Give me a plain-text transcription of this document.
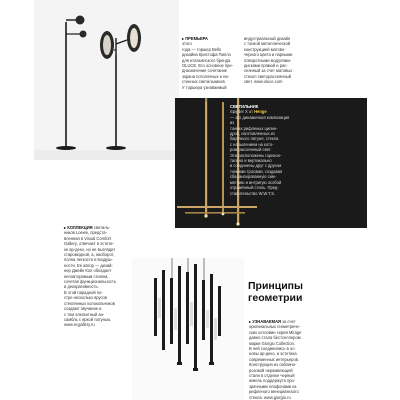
▸ ПРЕМЬЕРА
этого
года — торшер Bello
дизайна Кристофа Пиллэ
для итальянского бренда
OLUCE. Его основное пре-
дназначение сочетание
экрана потолочных и на-
стенных светильников.
У торшера узнаваемый
индустриальный дизайн
с тонкой металлической
конструкцией матово-
черного цвета и парными
поворотными модулями-
дисками прямой и рас-
сеянный за счет матовых
стекол светорассеянный
свет. www.oluce.com
СВЕТИЛЬНИК
Spiyder X от Henge
— это динамичная композиция из
тонких рифленых цилин-
дров, изготовленных из
барочного латуня, стекла
с напылением на кото-
ром рассеянный свет.
Эти расположены горизон-
тально и вертикально
и соединены друг с другом
тонкими тросами, создавая
сбалансированную сим-
метрию и интригую особой
отражённый стиль. Пред-
ставительство W.W.T.S.
▸ КОЛЛЕКЦИЯ светиль-
ников Loewe, предста-
вленная в Visual Comfort
Gallery, отвечает в эстети-
ке ар-деко, но не выглядит
старомодной, а, наоборот,
полна легкости и воздуш-
ности. Ее автор — дизай-
нер Джейн Коп обладает
неповторимым стилем,
сочетая функциональность
и декоративность.
В этой парадной по-
стре несколько ярусов
стеклянных колокольчиков
создают звучание и
с тем элегантный ан-
самбль с яркой латунью.
www.ecgallery.ru
Принципы
геометрии
▸ УЗНАВАЕМАЯ за счет
оригинальных геометриче-
ских котловин серия Mirage
давно стала бестселлером
марки Giorgio Collection.
В ней соединились в ос-
новы ар-деко, и эстетика
современных интерьеров.
Конструкция из саблино-
розовой нержавеющей
стали в отделке черный
никель поддержута про-
зрачными плафонами из
рифленого венецианского
стекла. www.giorgio.ru
